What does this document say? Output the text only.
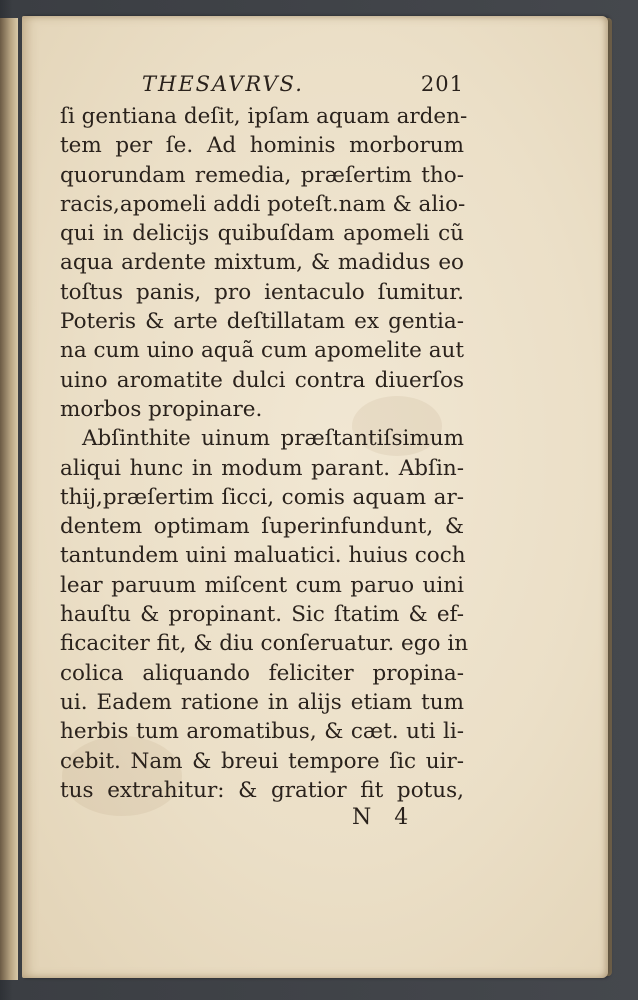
THESAVRVS.	201
ſi gentiana deſit, ipſam aquam arden-
tem per ſe. Ad hominis morborum
quorundam remedia, præſertim tho-
racis,apomeli addi poteſt.nam & alio-
qui in delicijs quibuſdam apomeli cũ
aqua ardente mixtum, & madidus eo
toſtus panis, pro ientaculo ſumitur.
Poteris & arte deſtillatam ex gentia-
na cum uino aquã cum apomelite aut
uino aromatite dulci contra diuerſos
morbos propinare.
Abſinthite uinum præſtantiſsimum
aliqui hunc in modum parant. Abſin-
thij,præſertim ſicci, comis aquam ar-
dentem optimam ſuperinfundunt, &
tantundem uini maluatici. huius coch
lear paruum miſcent cum paruo uini
hauſtu & propinant. Sic ſtatim & ef-
ficaciter fit, & diu conſeruatur. ego in
colica aliquando feliciter propina-
ui. Eadem ratione in alijs etiam tum
herbis tum aromatibus, & cæt. uti li-
cebit. Nam & breui tempore ſic uir-
tus extrahitur: & gratior fit potus,
N 4
